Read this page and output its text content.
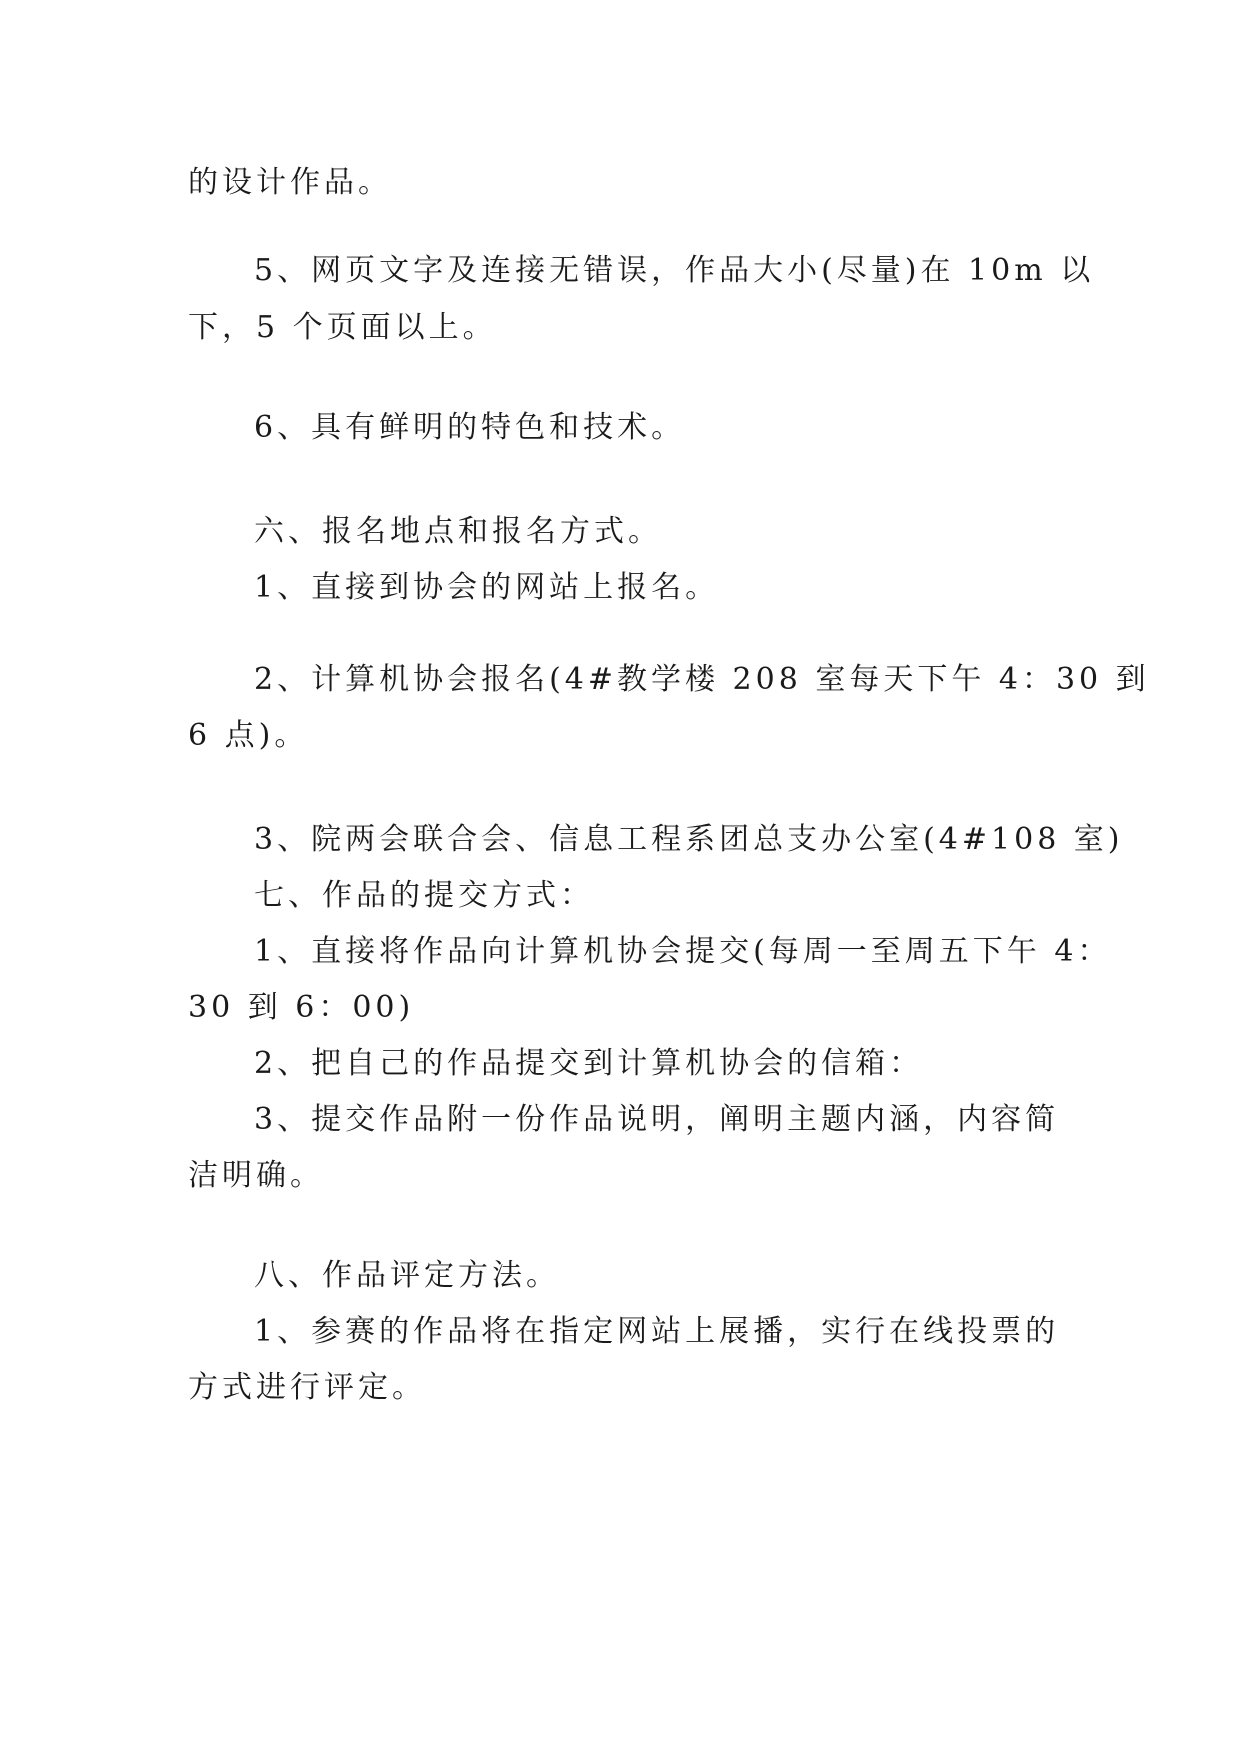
的设计作品。

5、网页文字及连接无错误，作品大小(尽量)在 10m 以

下，5 个页面以上。

6、具有鲜明的特色和技术。

六、报名地点和报名方式。

1、直接到协会的网站上报名。

2、计算机协会报名(4#教学楼 208 室每天下午 4：30 到

6 点)。

3、院两会联合会、信息工程系团总支办公室(4#108 室)

七、作品的提交方式：

1、直接将作品向计算机协会提交(每周一至周五下午 4：

30 到 6：00)

2、把自己的作品提交到计算机协会的信箱：

3、提交作品附一份作品说明，阐明主题内涵，内容简

洁明确。

八、作品评定方法。

1、参赛的作品将在指定网站上展播，实行在线投票的

方式进行评定。
